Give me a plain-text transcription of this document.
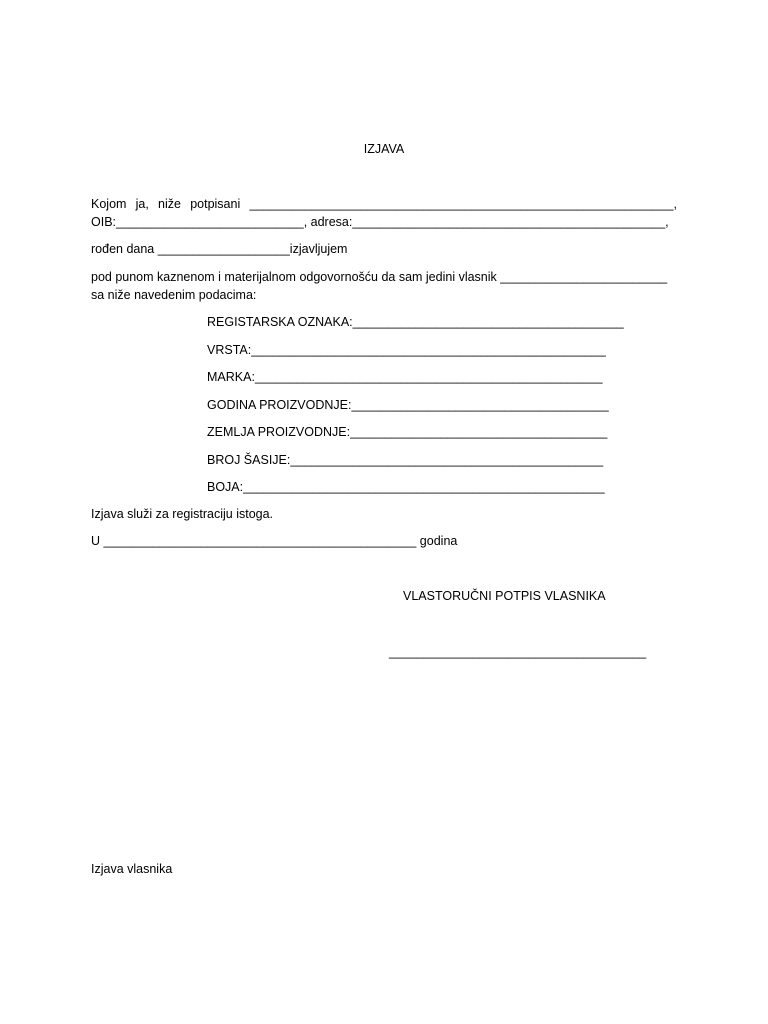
IZJAVA
Kojom ja, niže potpisani _____________________________________________________________,
OIB:___________________________, adresa:_____________________________________________,
rođen dana ___________________izjavljujem
pod punom kaznenom i materijalnom odgovornošću da sam jedini vlasnik ________________________
sa niže navedenim podacima:
REGISTARSKA OZNAKA:_______________________________________
VRSTA:___________________________________________________
MARKA:__________________________________________________
GODINA PROIZVODNJE:_____________________________________
ZEMLJA PROIZVODNJE:_____________________________________
BROJ ŠASIJE:_____________________________________________
BOJA:____________________________________________________
Izjava služi za registraciju istoga.
U _____________________________________________ godina
VLASTORUČNI POTPIS VLASNIKA
_____________________________________
Izjava vlasnika
